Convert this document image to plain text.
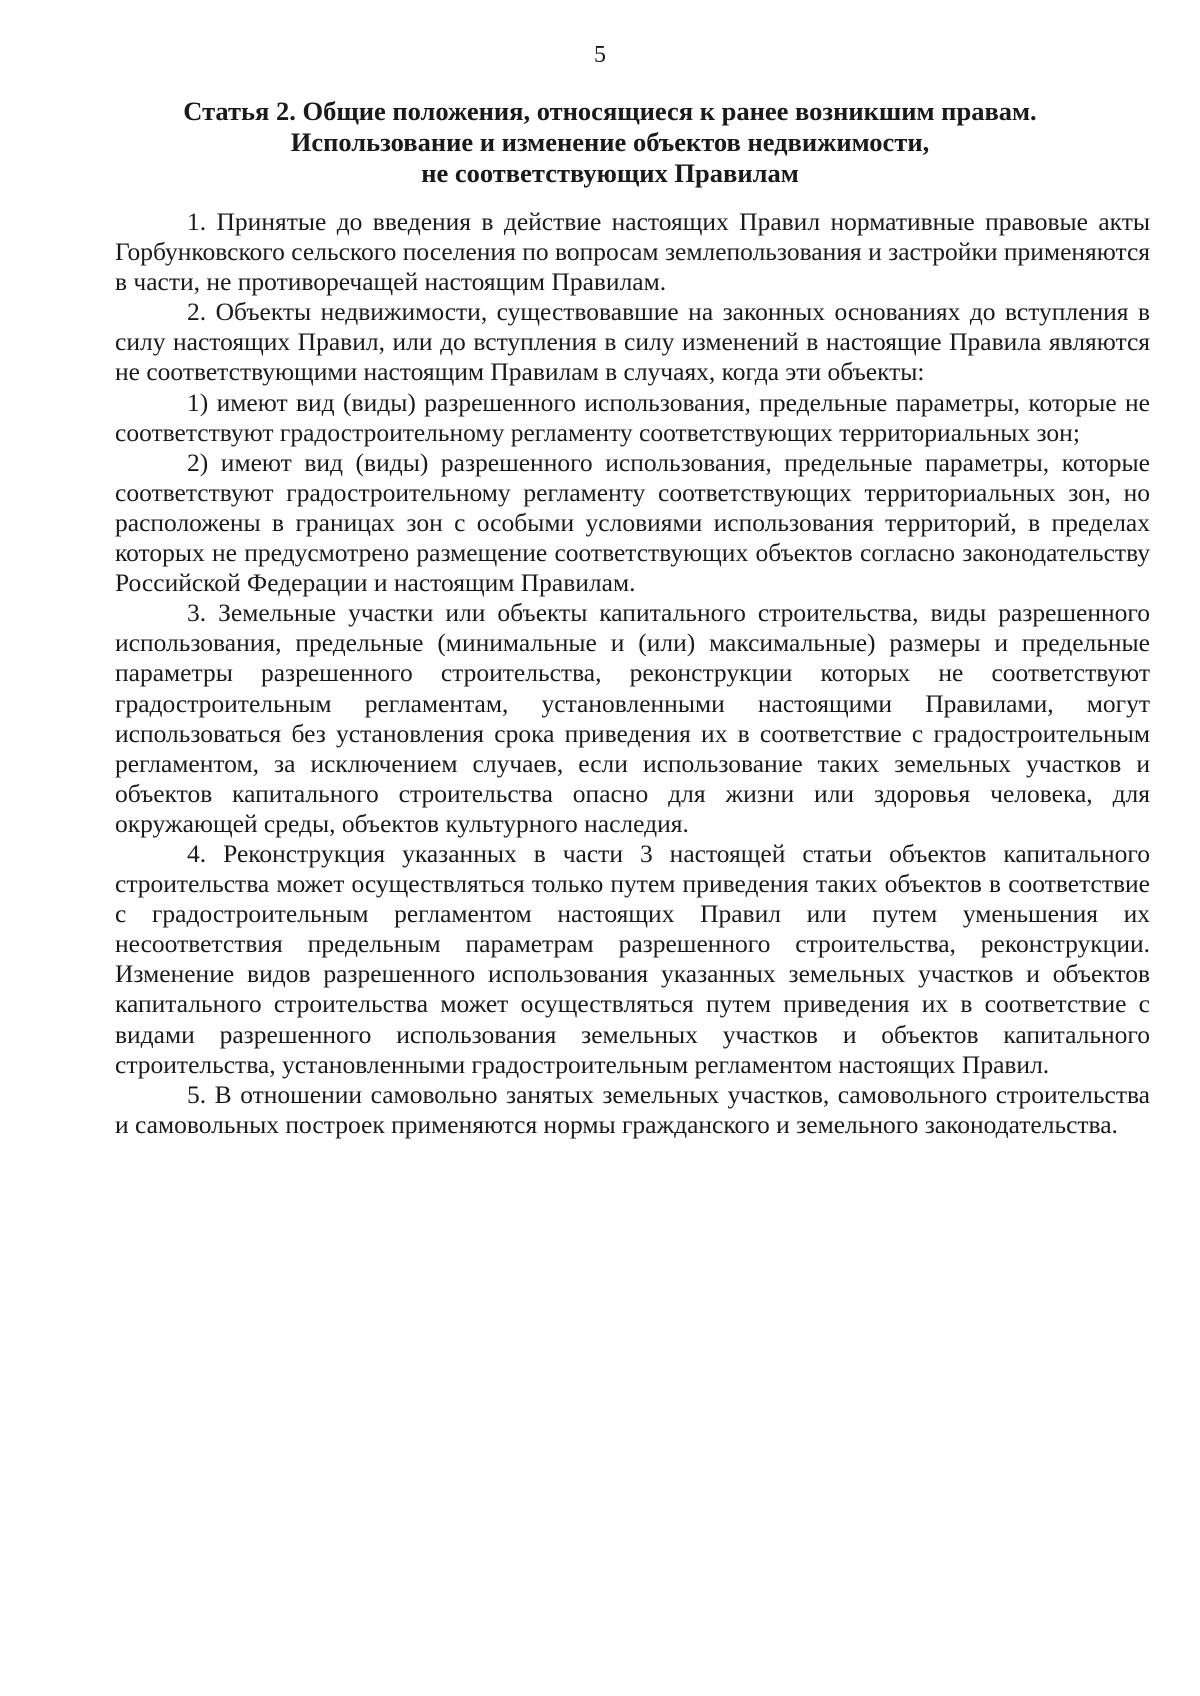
5
Статья 2. Общие положения, относящиеся к ранее возникшим правам.
Использование и изменение объектов недвижимости,
не соответствующих Правилам

1. Принятые до введения в действие настоящих Правил нормативные правовые акты Горбунковского сельского поселения по вопросам землепользования и застройки применяются в части, не противоречащей настоящим Правилам.

2. Объекты недвижимости, существовавшие на законных основаниях до вступления в силу настоящих Правил, или до вступления в силу изменений в настоящие Правила являются не соответствующими настоящим Правилам в случаях, когда эти объекты:

1) имеют вид (виды) разрешенного использования, предельные параметры, которые не соответствуют градостроительному регламенту соответствующих территориальных зон;

2) имеют вид (виды) разрешенного использования, предельные параметры, которые соответствуют градостроительному регламенту соответствующих территориальных зон, но расположены в границах зон с особыми условиями использования территорий, в пределах которых не предусмотрено размещение соответствующих объектов согласно законодательству Российской Федерации и настоящим Правилам.

3. Земельные участки или объекты капитального строительства, виды разрешенного использования, предельные (минимальные и (или) максимальные) размеры и предельные параметры разрешенного строительства, реконструкции которых не соответствуют градостроительным регламентам, установленными настоящими Правилами, могут использоваться без установления срока приведения их в соответствие с градостроительным регламентом, за исключением случаев, если использование таких земельных участков и объектов капитального строительства опасно для жизни или здоровья человека, для окружающей среды, объектов культурного наследия.

4. Реконструкция указанных в части 3 настоящей статьи объектов капитального строительства может осуществляться только путем приведения таких объектов в соответствие с градостроительным регламентом настоящих Правил или путем уменьшения их несоответствия предельным параметрам разрешенного строительства, реконструкции. Изменение видов разрешенного использования указанных земельных участков и объектов капитального строительства может осуществляться путем приведения их в соответствие с видами разрешенного использования земельных участков и объектов капитального строительства, установленными градостроительным регламентом настоящих Правил.

5. В отношении самовольно занятых земельных участков, самовольного строительства и самовольных построек применяются нормы гражданского и земельного законодательства.
